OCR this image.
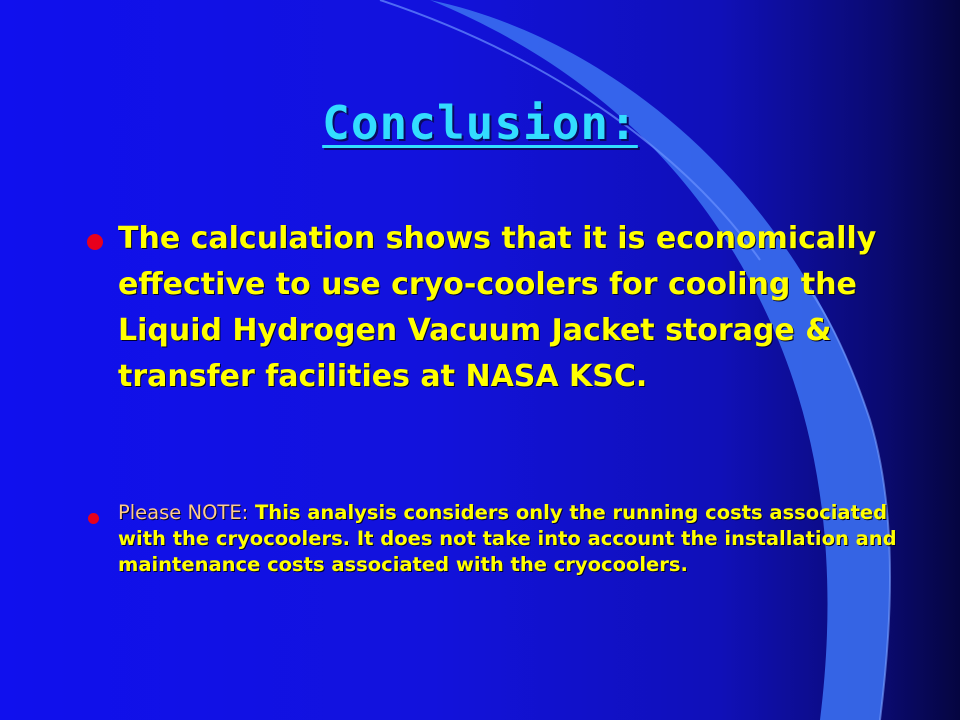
Conclusion:
The calculation shows that it is economically effective to use cryo-coolers for cooling the Liquid Hydrogen Vacuum Jacket storage & transfer facilities at NASA KSC.
Please NOTE: This analysis considers only the running costs associated with the cryocoolers. It does not take into account the installation and maintenance costs associated with the cryocoolers.
